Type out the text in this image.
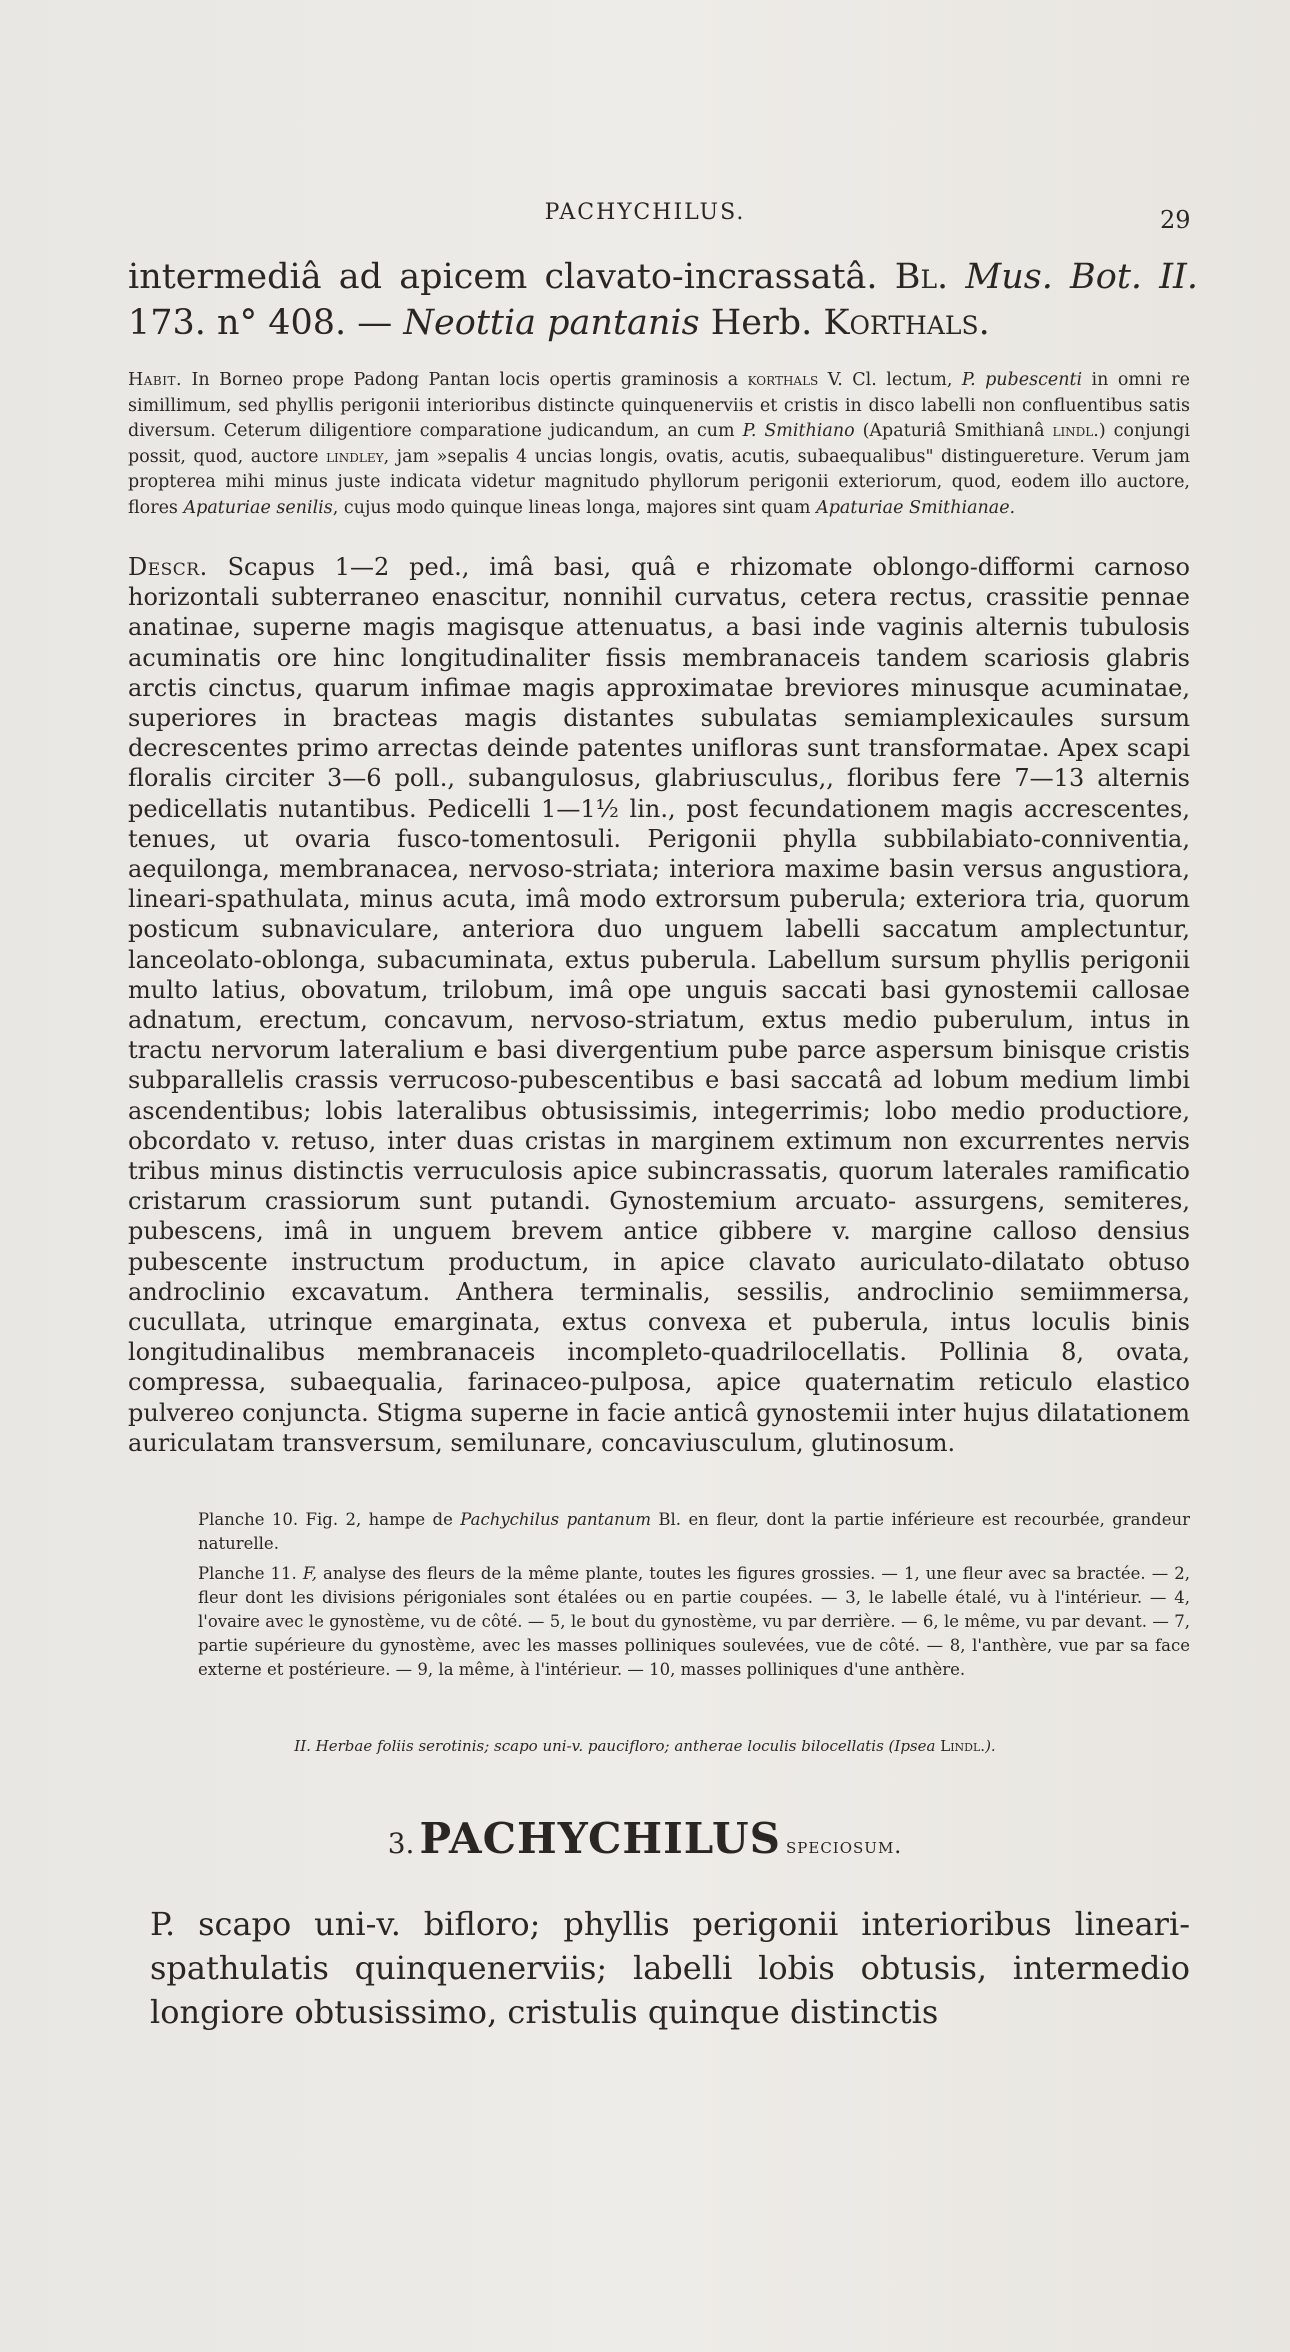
PACHYCHILUS.	29
intermediâ ad apicem clavato-incrassatâ. Bl. Mus. Bot. II. 173. n° 408. — Neottia pantanis Herb. Korthals.
Habit. In Borneo prope Padong Pantan locis opertis graminosis a korthals V. Cl. lectum, P. pubescenti in omni re simillimum, sed phyllis perigonii interioribus distincte quinquenerviis et cristis in disco labelli non confluentibus satis diversum. Ceterum diligentiore comparatione judicandum, an cum P. Smithiano (Apaturiâ Smithianâ lindl.) conjungi possit, quod, auctore lindley, jam »sepalis 4 uncias longis, ovatis, acutis, subaequalibus" distinguereture. Verum jam propterea mihi minus juste indicata videtur magnitudo phyllorum perigonii exteriorum, quod, eodem illo auctore, flores Apaturiae senilis, cujus modo quinque lineas longa, majores sint quam Apaturiae Smithianae.
Descr. Scapus 1—2 ped., imâ basi, quâ e rhizomate oblongo-difformi carnoso horizontali subterraneo enascitur, nonnihil curvatus, cetera rectus, crassitie pennae anatinae, superne magis magisque attenuatus, a basi inde vaginis alternis tubulosis acuminatis ore hinc longitudinaliter fissis membranaceis tandem scariosis glabris arctis cinctus, quarum infimae magis approximatae breviores minusque acuminatae, superiores in bracteas magis distantes subulatas semiamplexicaules sursum decrescentes primo arrectas deinde patentes unifloras sunt transformatae. Apex scapi floralis circiter 3—6 poll., subangulosus, glabriusculus,, floribus fere 7—13 alternis pedicellatis nutantibus. Pedicelli 1—1½ lin., post fecundationem magis accrescentes, tenues, ut ovaria fusco-tomentosuli. Perigonii phylla subbilabiato-conniventia, aequilonga, membranacea, nervoso-striata; interiora maxime basin versus angustiora, lineari-spathulata, minus acuta, imâ modo extrorsum puberula; exteriora tria, quorum posticum subnaviculare, anteriora duo unguem labelli saccatum amplectuntur, lanceolato-oblonga, subacuminata, extus puberula. Labellum sursum phyllis perigonii multo latius, obovatum, trilobum, imâ ope unguis saccati basi gynostemii callosae adnatum, erectum, concavum, nervoso-striatum, extus medio puberulum, intus in tractu nervorum lateralium e basi divergentium pube parce aspersum binisque cristis subparallelis crassis verrucoso-pubescentibus e basi saccatâ ad lobum medium limbi ascendentibus; lobis lateralibus obtusissimis, integerrimis; lobo medio productiore, obcordato v. retuso, inter duas cristas in marginem extimum non excurrentes nervis tribus minus distinctis verruculosis apice subincrassatis, quorum laterales ramificatio cristarum crassiorum sunt putandi. Gynostemium arcuato- assurgens, semiteres, pubescens, imâ in unguem brevem antice gibbere v. margine calloso densius pubescente instructum productum, in apice clavato auriculato-dilatato obtuso androclinio excavatum. Anthera terminalis, sessilis, androclinio semiimmersa, cucullata, utrinque emarginata, extus convexa et puberula, intus loculis binis longitudinalibus membranaceis incompleto-quadrilocellatis. Pollinia 8, ovata, compressa, subaequalia, farinaceo-pulposa, apice quaternatim reticulo elastico pulvereo conjuncta. Stigma superne in facie anticâ gynostemii inter hujus dilatationem auriculatam transversum, semilunare, concaviusculum, glutinosum.

Planche 10. Fig. 2, hampe de Pachychilus pantanum Bl. en fleur, dont la partie inférieure est recourbée, grandeur naturelle.

Planche 11. F, analyse des fleurs de la même plante, toutes les figures grossies. — 1, une fleur avec sa bractée. — 2, fleur dont les divisions périgoniales sont étalées ou en partie coupées. — 3, le labelle étalé, vu à l'intérieur. — 4, l'ovaire avec le gynostème, vu de côté. — 5, le bout du gynostème, vu par derrière. — 6, le même, vu par devant. — 7, partie supérieure du gynostème, avec les masses polliniques soulevées, vue de côté. — 8, l'anthère, vue par sa face externe et postérieure. — 9, la même, à l'intérieur. — 10, masses polliniques d'une anthère.

II. Herbae foliis serotinis; scapo uni-v. paucifloro; antherae loculis bilocellatis (Ipsea Lindl.).
3. PACHYCHILUS speciosum.
P. scapo uni-v. bifloro; phyllis perigonii interioribus lineari-spathulatis quinquenerviis; labelli lobis obtusis, intermedio longiore obtusissimo, cristulis quinque distinctis
